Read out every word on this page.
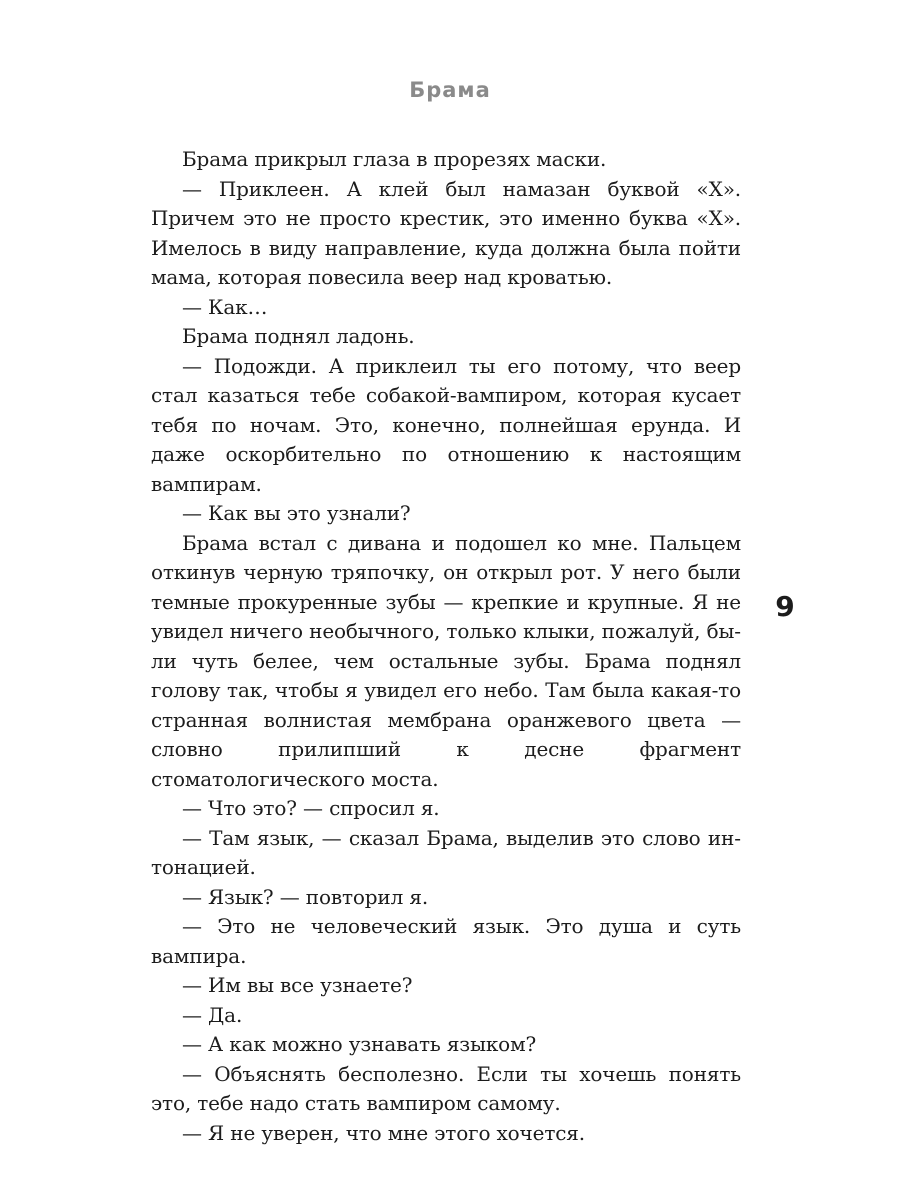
Брама

Брама прикрыл глаза в прорезях маски.

— Приклеен. А клей был намазан буквой «Х». Причем это не просто крестик, это именно буква «Х». Имелось в виду направление, куда должна была пойти мама, которая повесила веер над кроватью.

— Как…

Брама поднял ладонь.

— Подожди. А приклеил ты его потому, что веер стал казаться тебе собакой-вампиром, которая кусает тебя по ночам. Это, конечно, полнейшая ерунда. И даже оскорбительно по отношению к настоящим вампирам.

— Как вы это узнали?

Брама встал с дивана и подошел ко мне. Пальцем откинув черную тряпочку, он открыл рот. У него были темные прокуренные зубы — крепкие и крупные. Я не увидел ничего необычного, только клыки, пожалуй, были чуть белее, чем остальные зубы. Брама поднял голову так, чтобы я увидел его небо. Там была какая-то странная волнистая мембрана оранжевого цвета — словно прилипший к десне фрагмент стоматологического моста.

— Что это? — спросил я.

— Там язык, — сказал Брама, выделив это слово интонацией.

— Язык? — повторил я.

— Это не человеческий язык. Это душа и суть вампира.

— Им вы все узнаете?

— Да.

— А как можно узнавать языком?

— Объяснять бесполезно. Если ты хочешь понять это, тебе надо стать вампиром самому.

— Я не уверен, что мне этого хочется.

9
